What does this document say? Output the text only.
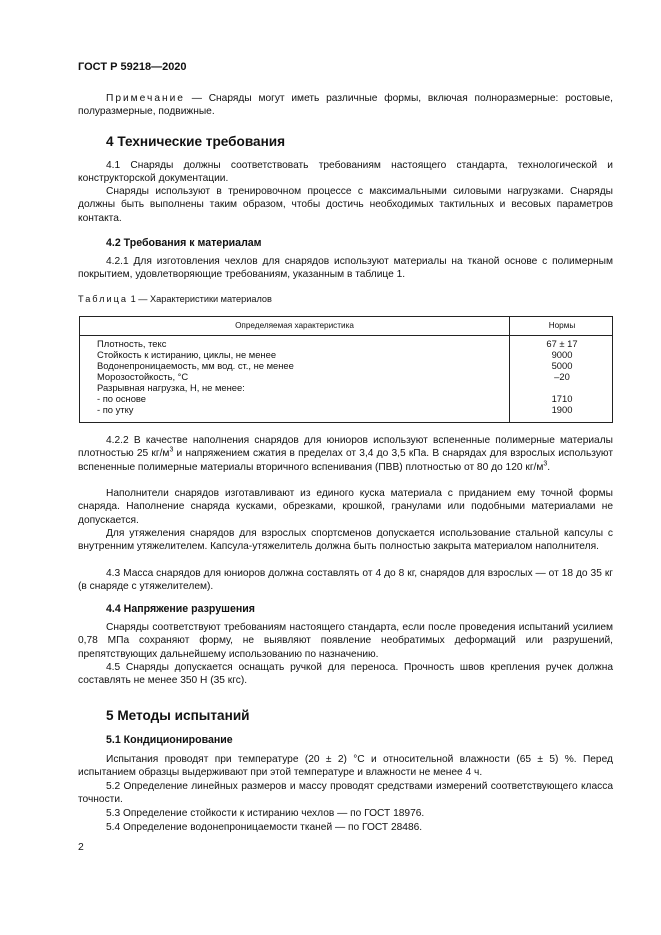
ГОСТ Р 59218—2020
Примечание — Снаряды могут иметь различные формы, включая полноразмерные: ростовые, полуразмерные, подвижные.
4 Технические требования
4.1 Снаряды должны соответствовать требованиям настоящего стандарта, технологической и конструкторской документации.
Снаряды используют в тренировочном процессе с максимальными силовыми нагрузками. Снаряды должны быть выполнены таким образом, чтобы достичь необходимых тактильных и весовых параметров контакта.
4.2 Требования к материалам
4.2.1 Для изготовления чехлов для снарядов используют материалы на тканой основе с полимерным покрытием, удовлетворяющие требованиям, указанным в таблице 1.
Таблица 1 — Характеристики материалов
Определяемая характеристика	Нормы
Плотность, текс	67 ± 17
Стойкость к истиранию, циклы, не менее	9000
Водонепроницаемость, мм вод. ст., не менее	5000
Морозостойкость, °С	–20
Разрывная нагрузка, Н, не менее:
- по основе	1710
- по утку	1900
4.2.2 В качестве наполнения снарядов для юниоров используют вспененные полимерные материалы плотностью 25 $кг/м^3$ и напряжением сжатия в пределах от 3,4 до 3,5 кПа. В снарядах для взрослых используют вспененные полимерные материалы вторичного вспенивания (ПВВ) плотностью от 80 до 120 $кг/м^3$.
Наполнители снарядов изготавливают из единого куска материала с приданием ему точной формы снаряда. Наполнение снаряда кусками, обрезками, крошкой, гранулами или подобными материалами не допускается.
Для утяжеления снарядов для взрослых спортсменов допускается использование стальной капсулы с внутренним утяжелителем. Капсула-утяжелитель должна быть полностью закрыта материалом наполнителя.
4.3 Масса снарядов для юниоров должна составлять от 4 до 8 кг, снарядов для взрослых — от 18 до 35 кг (в снаряде с утяжелителем).
4.4 Напряжение разрушения
Снаряды соответствуют требованиям настоящего стандарта, если после проведения испытаний усилием 0,78 МПа сохраняют форму, не выявляют появление необратимых деформаций или разрушений, препятствующих дальнейшему использованию по назначению.
4.5 Снаряды допускается оснащать ручкой для переноса. Прочность швов крепления ручек должна составлять не менее 350 Н (35 кгс).
5 Методы испытаний
5.1 Кондиционирование
Испытания проводят при температуре (20 ± 2) °С и относительной влажности (65 ± 5) %. Перед испытанием образцы выдерживают при этой температуре и влажности не менее 4 ч.
5.2 Определение линейных размеров и массу проводят средствами измерений соответствующего класса точности.
5.3 Определение стойкости к истиранию чехлов — по ГОСТ 18976.
5.4 Определение водонепроницаемости тканей — по ГОСТ 28486.
2
